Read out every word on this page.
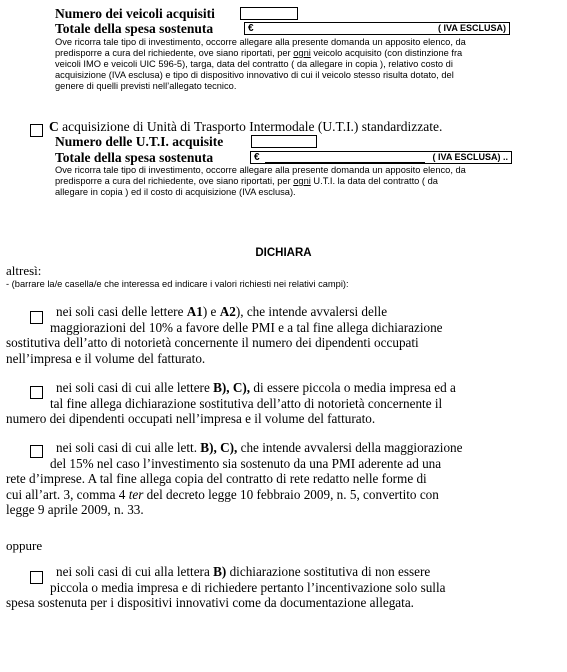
Numero dei veicoli acquisiti
Totale della spesa sostenuta	€	( IVA ESCLUSA)
Ove ricorra tale tipo di investimento, occorre allegare alla presente domanda un apposito elenco, da
predisporre a cura del richiedente, ove siano riportati, per ogni veicolo acquisito (con distinzione fra
veicoli IMO e veicoli UIC 596-5), targa, data del contratto ( da allegare in copia ), relativo costo di
acquisizione (IVA esclusa) e tipo di dispositivo innovativo di cui il veicolo stesso risulta dotato, del
genere di quelli previsti nell’allegato tecnico.
C acquisizione di Unità di Trasporto Intermodale (U.T.I.) standardizzate.
Numero delle U.T.I. acquisite
Totale della spesa sostenuta	€	( IVA ESCLUSA) ..
Ove ricorra tale tipo di investimento, occorre allegare alla presente domanda un apposito elenco, da
predisporre a cura del richiedente, ove siano riportati, per ogni U.T.I. la data del contratto ( da
allegare in copia ) ed il costo di acquisizione (IVA esclusa).
DICHIARA
altresì:
- (barrare la/e casella/e che interessa ed indicare i valori richiesti nei relativi campi):
nei soli casi delle lettere A1) e A2), che intende avvalersi delle
maggiorazioni del 10% a favore delle PMI e a tal fine allega dichiarazione
sostitutiva dell’atto di notorietà concernente il numero dei dipendenti occupati
nell’impresa e il volume del fatturato.
nei soli casi di cui alle lettere B), C), di essere piccola o media impresa ed a
tal fine allega dichiarazione sostitutiva dell’atto di notorietà concernente il
numero dei dipendenti occupati nell’impresa e il volume del fatturato.
nei soli casi di cui alle lett. B), C), che intende avvalersi della maggiorazione
del 15% nel caso l’investimento sia sostenuto da una PMI aderente ad una
rete d’imprese. A tal fine allega copia del contratto di rete redatto nelle forme di
cui all’art. 3, comma 4 ter del decreto legge 10 febbraio 2009, n. 5, convertito con
legge 9 aprile 2009, n. 33.
oppure
nei soli casi di cui alla lettera B) dichiarazione sostitutiva di non essere
piccola o media impresa e di richiedere pertanto l’incentivazione solo sulla
spesa sostenuta per i dispositivi innovativi come da documentazione allegata.
